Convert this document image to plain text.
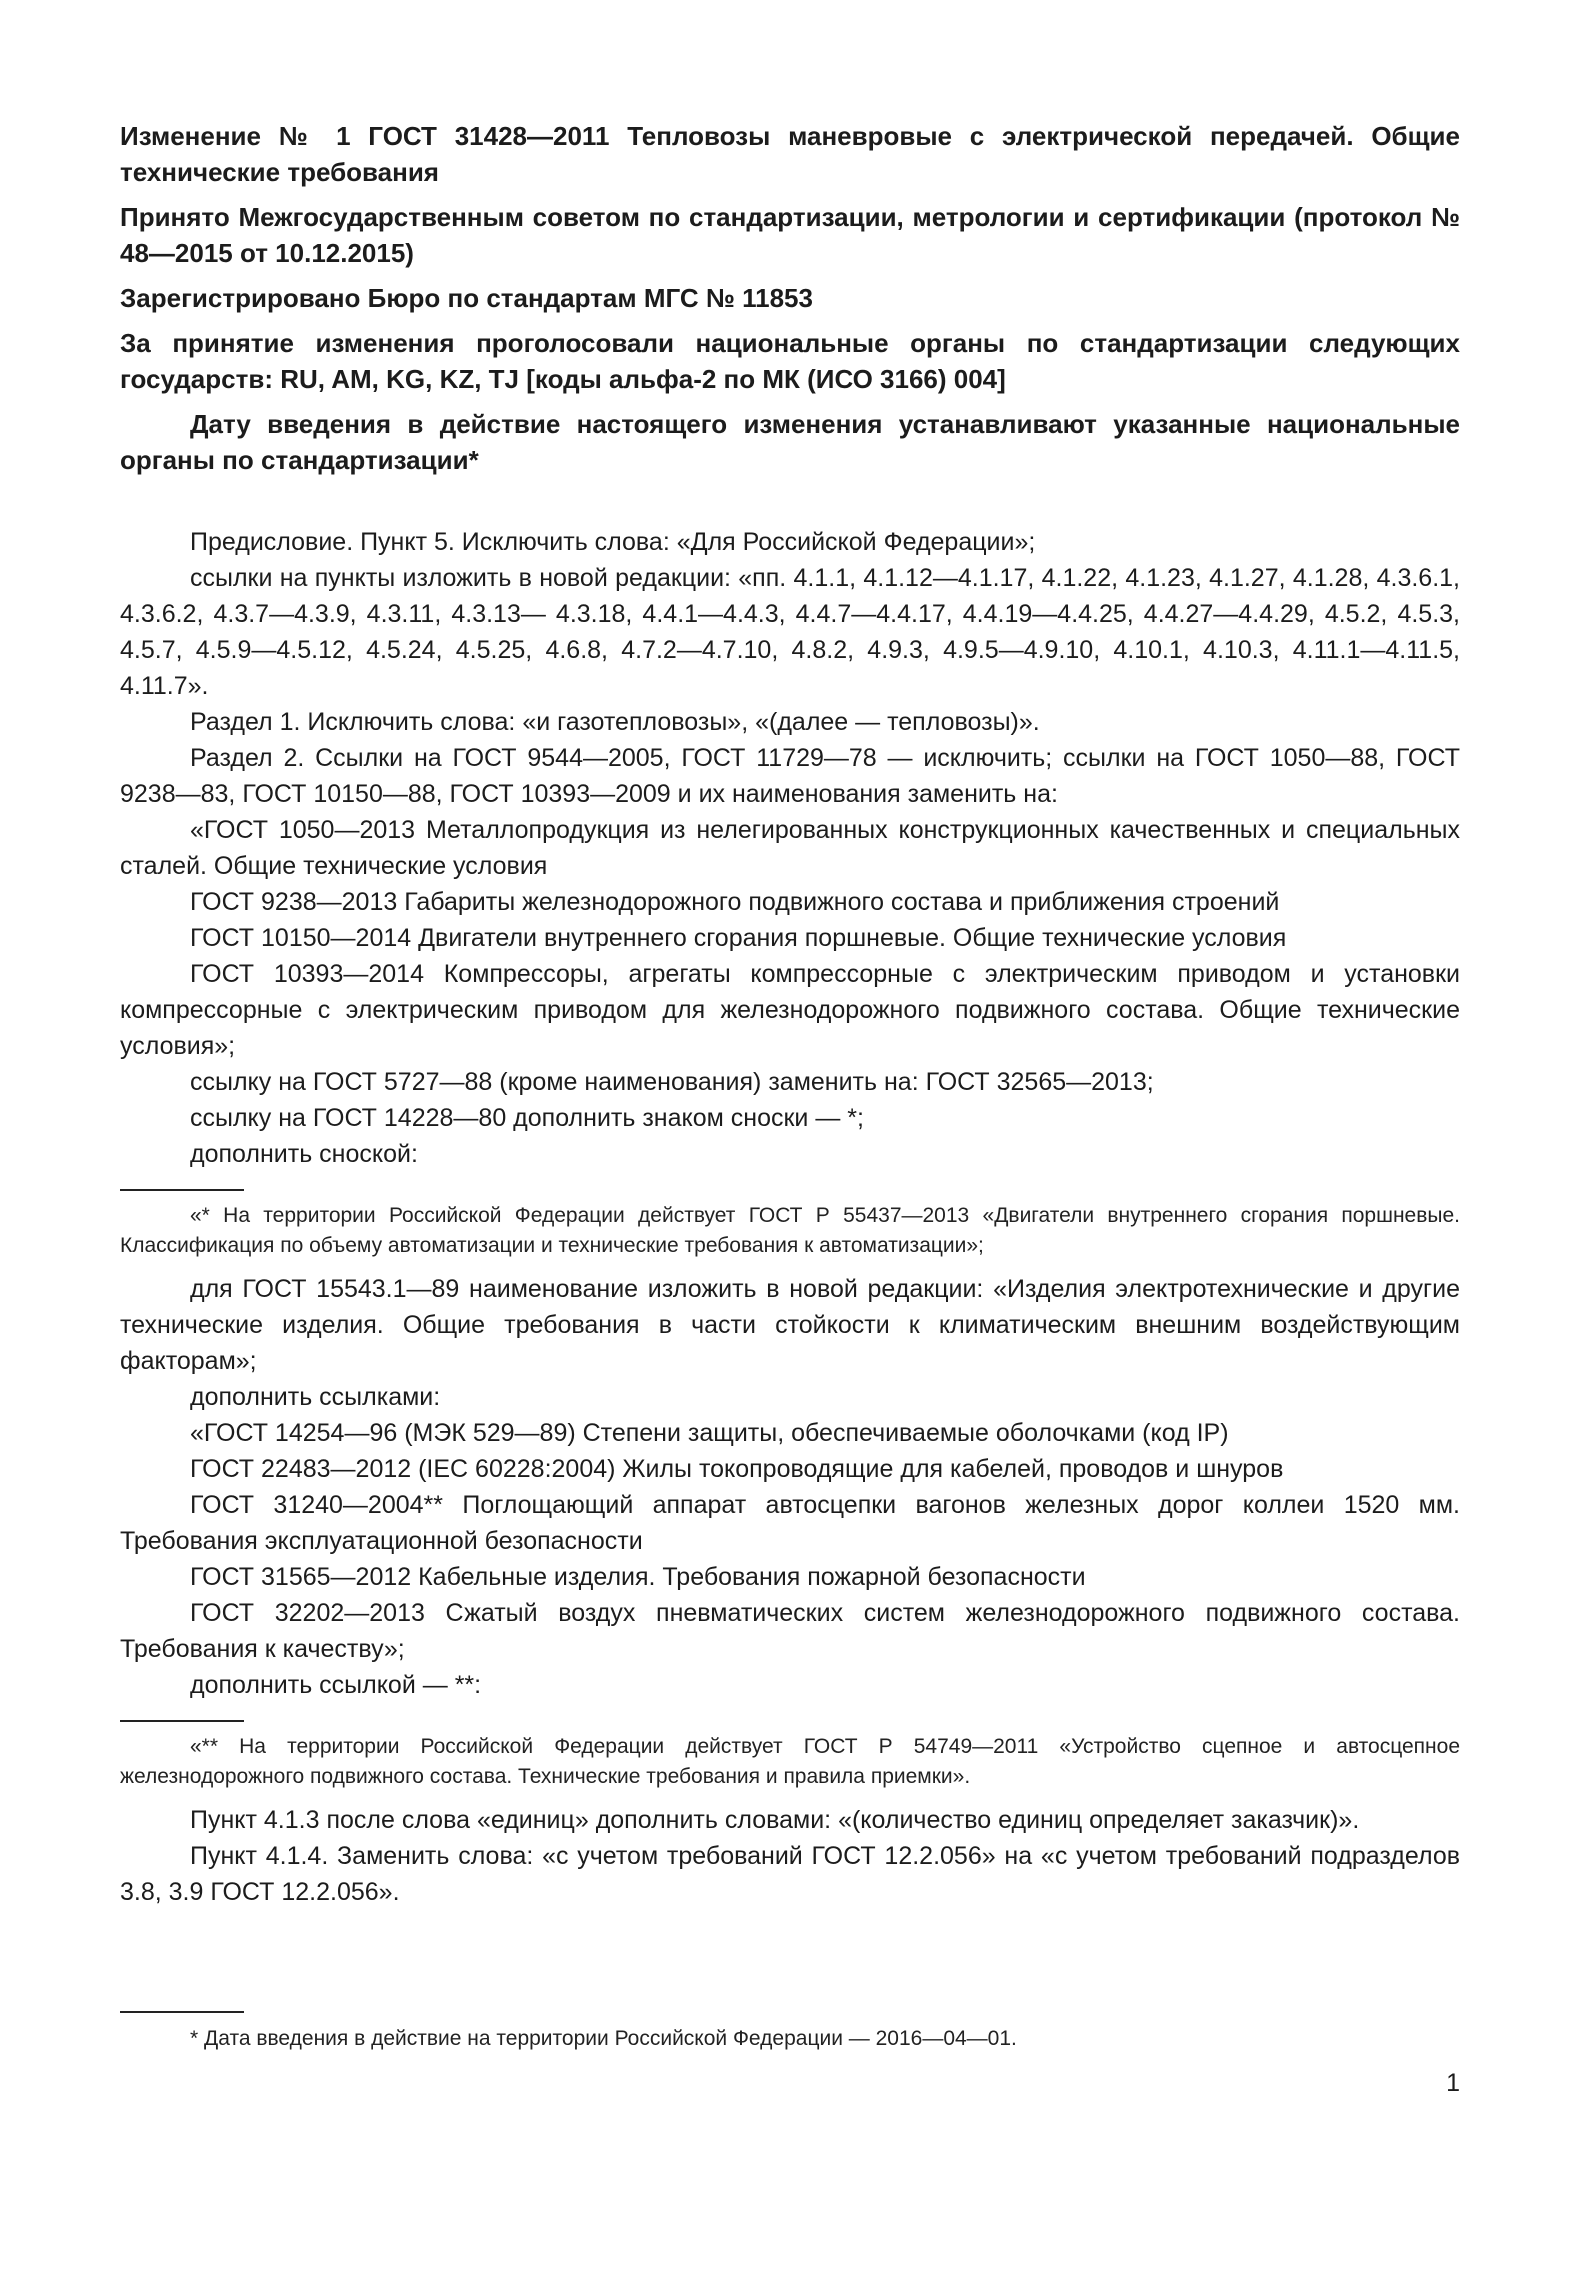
Изменение № 1 ГОСТ 31428—2011 Тепловозы маневровые с электрической передачей. Общие технические требования

Принято Межгосударственным советом по стандартизации, метрологии и сертификации (протокол № 48—2015 от 10.12.2015)

Зарегистрировано Бюро по стандартам МГС № 11853

За принятие изменения проголосовали национальные органы по стандартизации следующих государств: RU, AM, KG, KZ, TJ [коды альфа-2 по МК (ИСО 3166) 004]

Дату введения в действие настоящего изменения устанавливают указанные национальные органы по стандартизации*

Предисловие. Пункт 5. Исключить слова: «Для Российской Федерации»;

ссылки на пункты изложить в новой редакции: «пп. 4.1.1, 4.1.12—4.1.17, 4.1.22, 4.1.23, 4.1.27, 4.1.28, 4.3.6.1, 4.3.6.2, 4.3.7—4.3.9, 4.3.11, 4.3.13— 4.3.18, 4.4.1—4.4.3, 4.4.7—4.4.17, 4.4.19—4.4.25, 4.4.27—4.4.29, 4.5.2, 4.5.3, 4.5.7, 4.5.9—4.5.12, 4.5.24, 4.5.25, 4.6.8, 4.7.2—4.7.10, 4.8.2, 4.9.3, 4.9.5—4.9.10, 4.10.1, 4.10.3, 4.11.1—4.11.5, 4.11.7».

Раздел 1. Исключить слова: «и газотепловозы», «(далее — тепловозы)».

Раздел 2. Ссылки на ГОСТ 9544—2005, ГОСТ 11729—78 — исключить; ссылки на ГОСТ 1050—88, ГОСТ 9238—83, ГОСТ 10150—88, ГОСТ 10393—2009 и их наименования заменить на:

«ГОСТ 1050—2013 Металлопродукция из нелегированных конструкционных качественных и специальных сталей. Общие технические условия

ГОСТ 9238—2013 Габариты железнодорожного подвижного состава и приближения строений

ГОСТ 10150—2014 Двигатели внутреннего сгорания поршневые. Общие технические условия

ГОСТ 10393—2014 Компрессоры, агрегаты компрессорные с электрическим приводом и установки компрессорные с электрическим приводом для железнодорожного подвижного состава. Общие технические условия»;

ссылку на ГОСТ 5727—88 (кроме наименования) заменить на: ГОСТ 32565—2013;

ссылку на ГОСТ 14228—80 дополнить знаком сноски — *;

дополнить сноской:

«* На территории Российской Федерации действует ГОСТ Р 55437—2013 «Двигатели внутреннего сгорания поршневые. Классификация по объему автоматизации и технические требования к автоматизации»;

для ГОСТ 15543.1—89 наименование изложить в новой редакции: «Изделия электротехнические и другие технические изделия. Общие требования в части стойкости к климатическим внешним воздействующим факторам»;

дополнить ссылками:

«ГОСТ 14254—96 (МЭК 529—89) Степени защиты, обеспечиваемые оболочками (код IP)

ГОСТ 22483—2012 (IEC 60228:2004) Жилы токопроводящие для кабелей, проводов и шнуров

ГОСТ 31240—2004** Поглощающий аппарат автосцепки вагонов железных дорог коллеи 1520 мм. Требования эксплуатационной безопасности

ГОСТ 31565—2012 Кабельные изделия. Требования пожарной безопасности

ГОСТ 32202—2013 Сжатый воздух пневматических систем железнодорожного подвижного состава. Требования к качеству»;

дополнить ссылкой — **:

«** На территории Российской Федерации действует ГОСТ Р 54749—2011 «Устройство сцепное и автосцепное железнодорожного подвижного состава. Технические требования и правила приемки».

Пункт 4.1.3 после слова «единиц» дополнить словами: «(количество единиц определяет заказчик)».

Пункт 4.1.4. Заменить слова: «с учетом требований ГОСТ 12.2.056» на «с учетом требований подразделов 3.8, 3.9 ГОСТ 12.2.056».

* Дата введения в действие на территории Российской Федерации — 2016—04—01.
1
